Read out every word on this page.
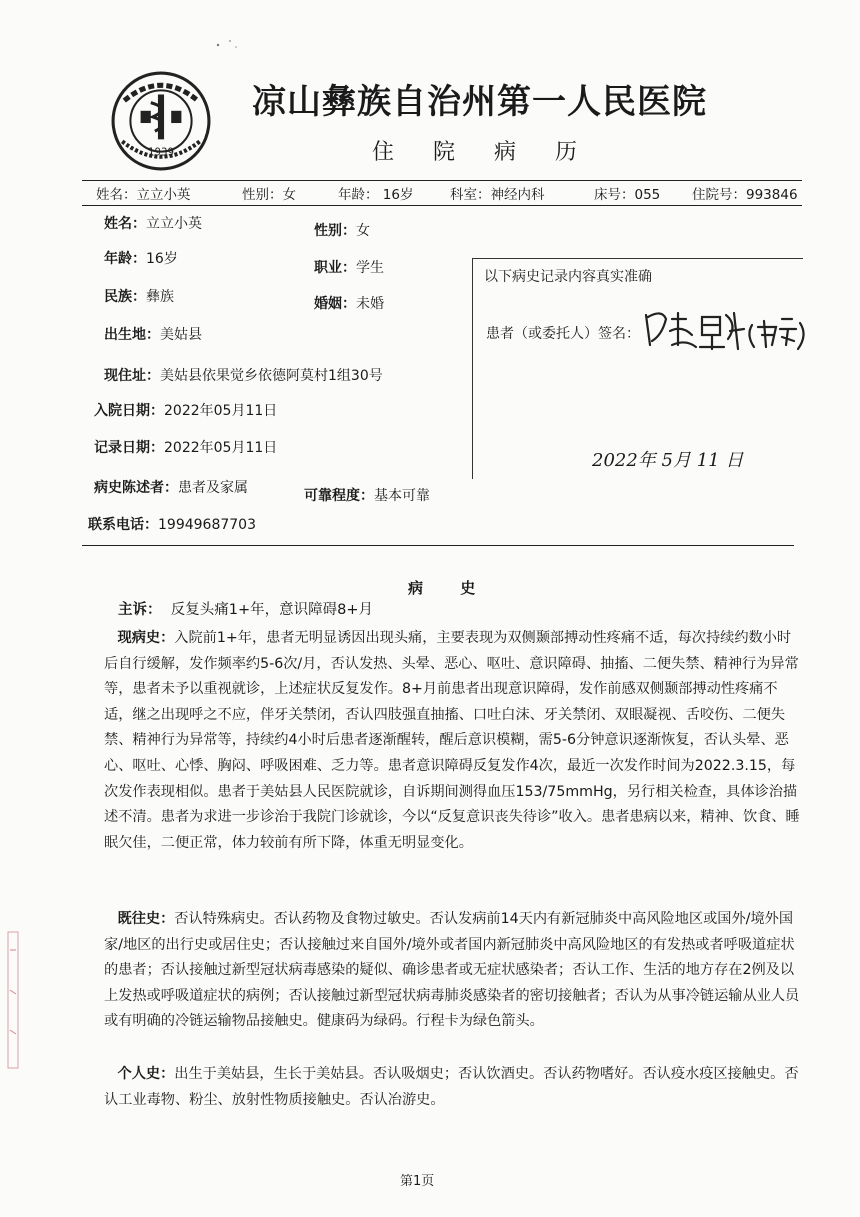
1939
凉山彝族自治州第一人民医院
住 院 病 历
姓名：立立小英	性别：女	年龄： 16岁	科室：神经内科	床号：055 住院号：993846
姓名：立立小英	性别：女
年龄：16岁
职业：学生
民族：彝族	婚姻：未婚
出生地：美姑县
现住址：美姑县依果觉乡依德阿莫村1组30号
入院日期：2022年05月11日
记录日期：2022年05月11日
病史陈述者：患者及家属	可靠程度：基本可靠
联系电话：19949687703
以下病史记录内容真实准确
患者（或委托人）签名：
2022年 5月 11 日
病 史
主诉： 反复头痛1+年，意识障碍8+月
现病史：入院前1+年，患者无明显诱因出现头痛，主要表现为双侧颞部搏动性疼痛不适，每次持续约数小时后自行缓解，发作频率约5-6次/月，否认发热、头晕、恶心、呕吐、意识障碍、抽搐、二便失禁、精神行为异常等，患者未予以重视就诊，上述症状反复发作。8+月前患者出现意识障碍，发作前感双侧颞部搏动性疼痛不适，继之出现呼之不应，伴牙关禁闭，否认四肢强直抽搐、口吐白沫、牙关禁闭、双眼凝视、舌咬伤、二便失禁、精神行为异常等，持续约4小时后患者逐渐醒转，醒后意识模糊，需5-6分钟意识逐渐恢复，否认头晕、恶心、呕吐、心悸、胸闷、呼吸困难、乏力等。患者意识障碍反复发作4次，最近一次发作时间为2022.3.15，每次发作表现相似。患者于美姑县人民医院就诊，自诉期间测得血压153/75mmHg，另行相关检查，具体诊治描述不清。患者为求进一步诊治于我院门诊就诊，今以“反复意识丧失待诊”收入。患者患病以来，精神、饮食、睡眠欠佳，二便正常，体力较前有所下降，体重无明显变化。
既往史：否认特殊病史。否认药物及食物过敏史。否认发病前14天内有新冠肺炎中高风险地区或国外/境外国家/地区的出行史或居住史；否认接触过来自国外/境外或者国内新冠肺炎中高风险地区的有发热或者呼吸道症状的患者；否认接触过新型冠状病毒感染的疑似、确诊患者或无症状感染者；否认工作、生活的地方存在2例及以上发热或呼吸道症状的病例；否认接触过新型冠状病毒肺炎感染者的密切接触者；否认为从事冷链运输从业人员或有明确的冷链运输物品接触史。健康码为绿码。行程卡为绿色箭头。
个人史：出生于美姑县，生长于美姑县。否认吸烟史；否认饮酒史。否认药物嗜好。否认疫水疫区接触史。否认工业毒物、粉尘、放射性物质接触史。否认冶游史。
第1页
